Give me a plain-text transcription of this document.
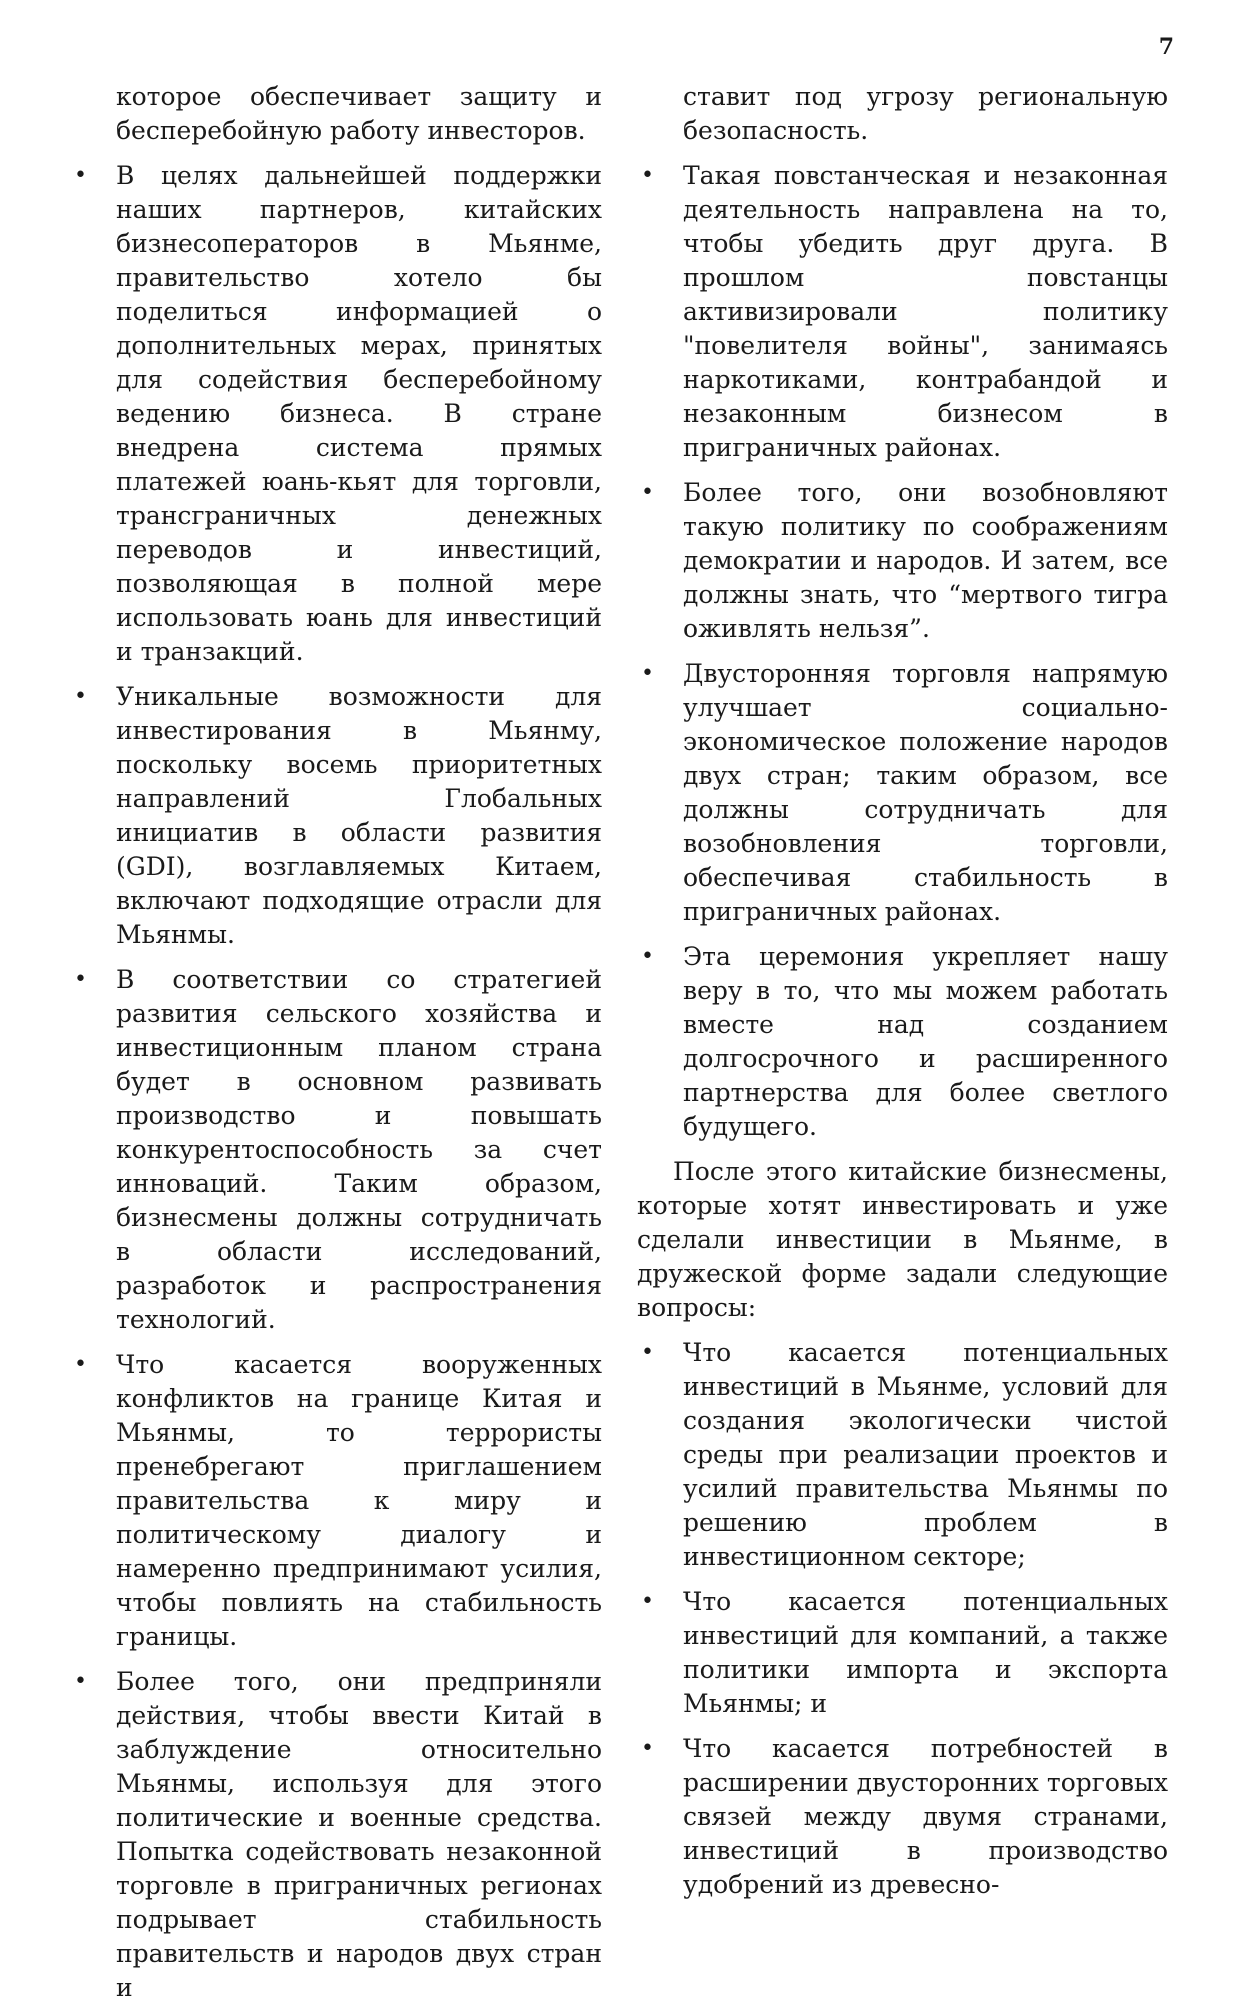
7

которое обеспечивает защиту и бесперебойную работу инвесторов.

• В целях дальнейшей поддержки наших партнеров, китайских бизнесоператоров в Мьянме, правительство хотело бы поделиться информацией о дополнительных мерах, принятых для содействия бесперебойному ведению бизнеса. В стране внедрена система прямых платежей юань-кьят для торговли, трансграничных денежных переводов и инвестиций, позволяющая в полной мере использовать юань для инвестиций и транзакций.
• Уникальные возможности для инвестирования в Мьянму, поскольку восемь приоритетных направлений Глобальных инициатив в области развития (GDI), возглавляемых Китаем, включают подходящие отрасли для Мьянмы.
• В соответствии со стратегией развития сельского хозяйства и инвестиционным планом страна будет в основном развивать производство и повышать конкурентоспособность за счет инноваций. Таким образом, бизнесмены должны сотрудничать в области исследований, разработок и распространения технологий.
• Что касается вооруженных конфликтов на границе Китая и Мьянмы, то террористы пренебрегают приглашением правительства к миру и политическому диалогу и намеренно предпринимают усилия, чтобы повлиять на стабильность границы.
• Более того, они предприняли действия, чтобы ввести Китай в заблуждение относительно Мьянмы, используя для этого политические и военные средства. Попытка содействовать незаконной торговле в приграничных регионах подрывает стабильность правительств и народов двух стран и

ставит под угрозу региональную безопасность.

• Такая повстанческая и незаконная деятельность направлена на то, чтобы убедить друг друга. В прошлом повстанцы активизировали политику "повелителя войны", занимаясь наркотиками, контрабандой и незаконным бизнесом в приграничных районах.
• Более того, они возобновляют такую политику по соображениям демократии и народов. И затем, все должны знать, что “мертвого тигра оживлять нельзя”.
• Двусторонняя торговля напрямую улучшает социально-экономическое положение народов двух стран; таким образом, все должны сотрудничать для возобновления торговли, обеспечивая стабильность в приграничных районах.
• Эта церемония укрепляет нашу веру в то, что мы можем работать вместе над созданием долгосрочного и расширенного партнерства для более светлого будущего.

После этого китайские бизнесмены, которые хотят инвестировать и уже сделали инвестиции в Мьянме, в дружеской форме задали следующие вопросы:

• Что касается потенциальных инвестиций в Мьянме, условий для создания экологически чистой среды при реализации проектов и усилий правительства Мьянмы по решению проблем в инвестиционном секторе;
• Что касается потенциальных инвестиций для компаний, а также политики импорта и экспорта Мьянмы; и
• Что касается потребностей в расширении двусторонних торговых связей между двумя странами, инвестиций в производство удобрений из древесно-
